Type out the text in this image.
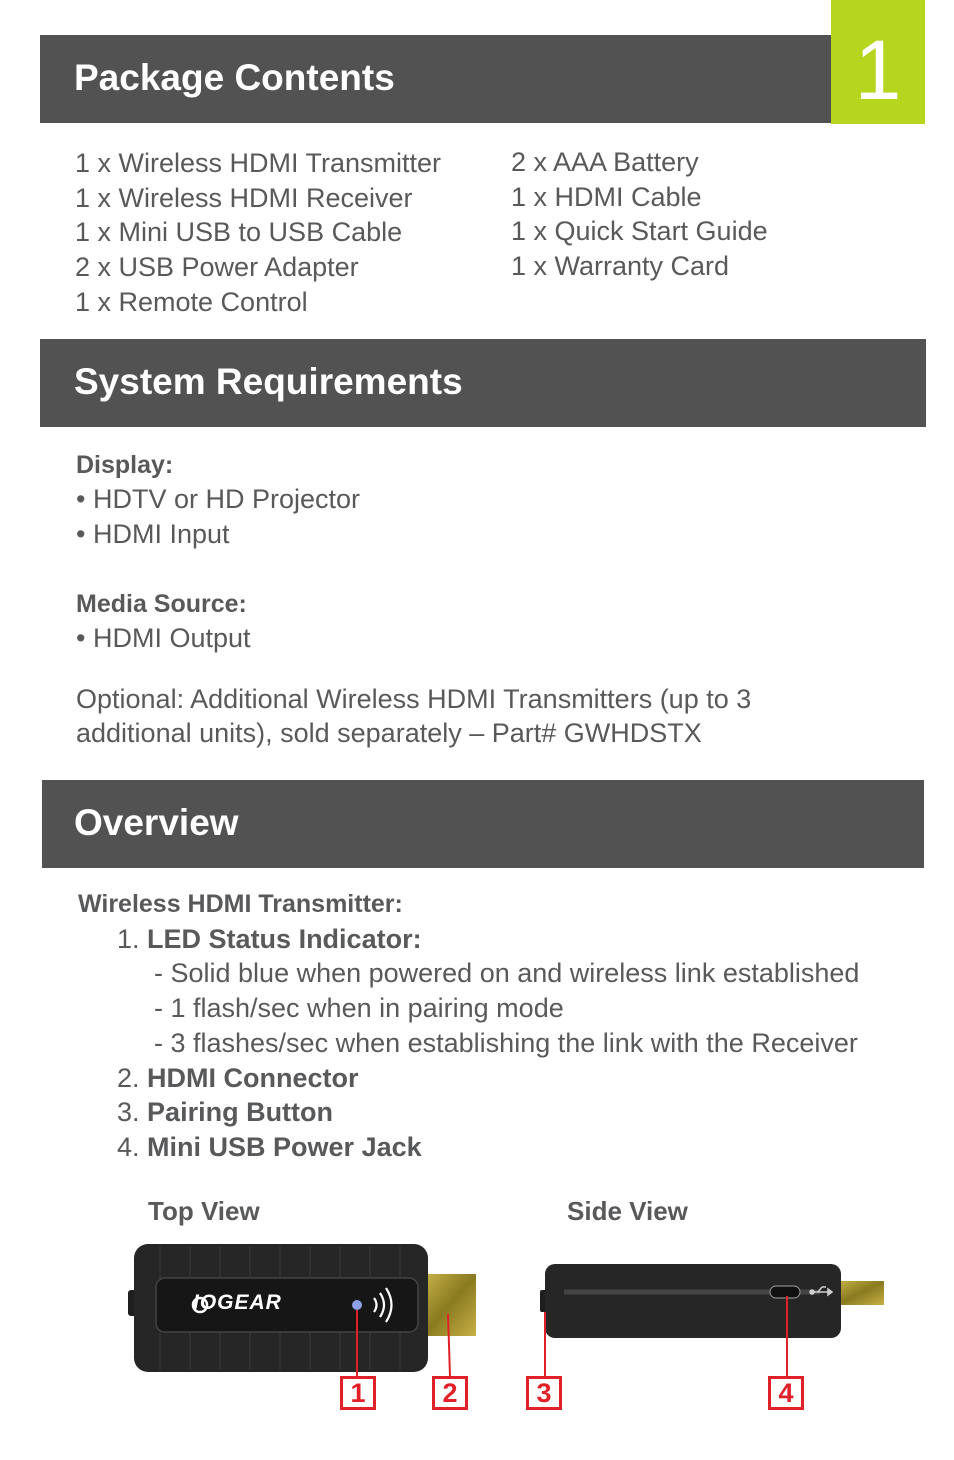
1
Package Contents
1 x Wireless HDMI Transmitter
1 x Wireless HDMI Receiver
1 x Mini USB to USB Cable
2 x USB Power Adapter
1 x Remote Control
2 x AAA Battery
1 x HDMI Cable
1 x Quick Start Guide
1 x Warranty Card
System Requirements
Display:
• HDTV or HD Projector
• HDMI Input
Media Source:
• HDMI Output
Optional: Additional Wireless HDMI Transmitters (up to 3
additional units), sold separately – Part# GWHDSTX
Overview
Wireless HDMI Transmitter:
1. LED Status Indicator:
- Solid blue when powered on and wireless link established
- 1 flash/sec when in pairing mode
- 3 flashes/sec when establishing the link with the Receiver
2. HDMI Connector
3. Pairing Button
4. Mini USB Power Jack
Top View	Side View
IOGEAR
1	2	3	4
